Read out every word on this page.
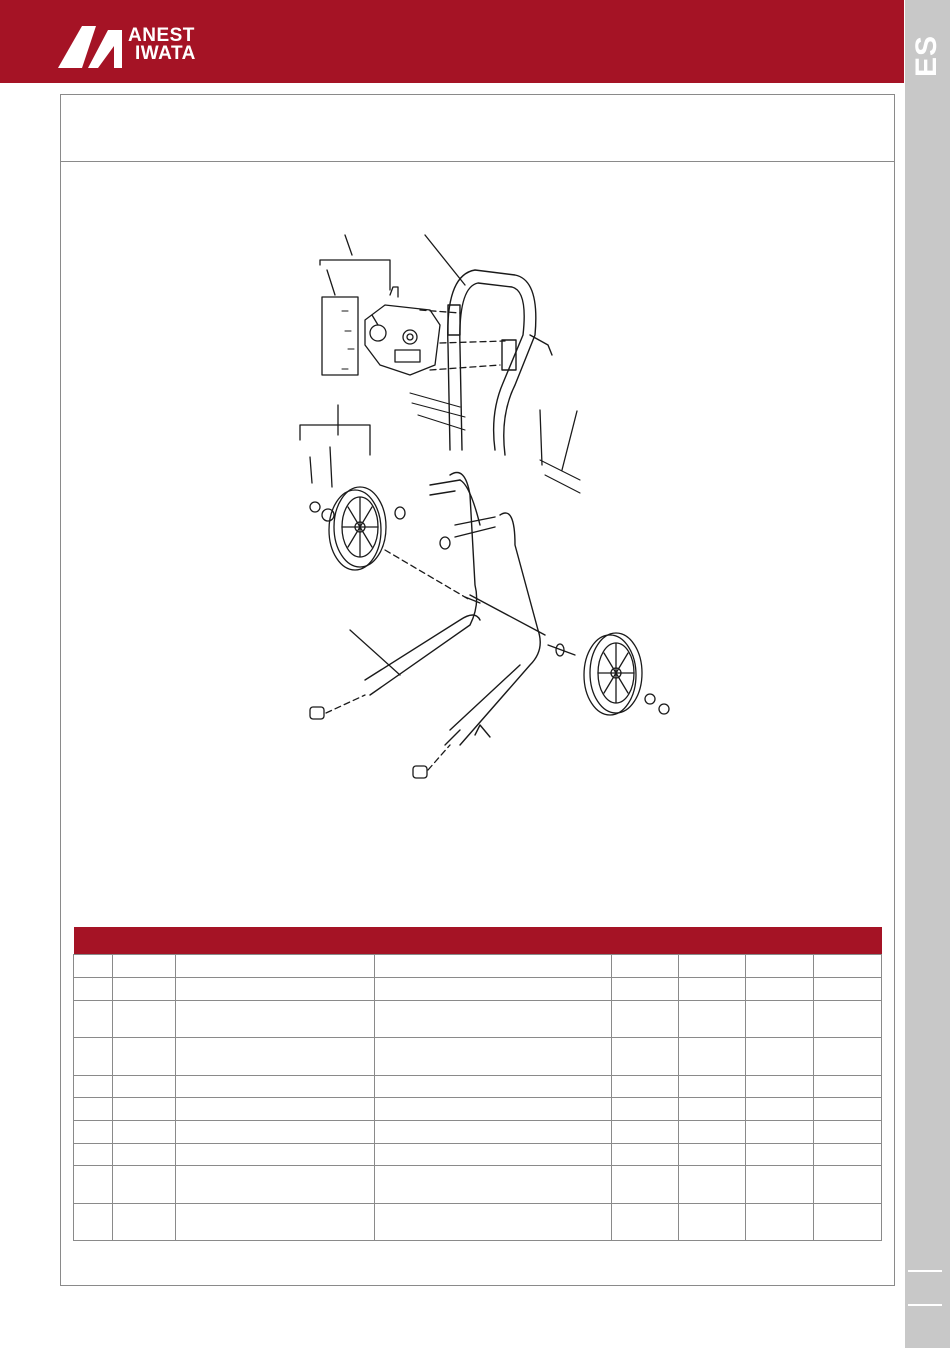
ANEST
IWATA	ES
